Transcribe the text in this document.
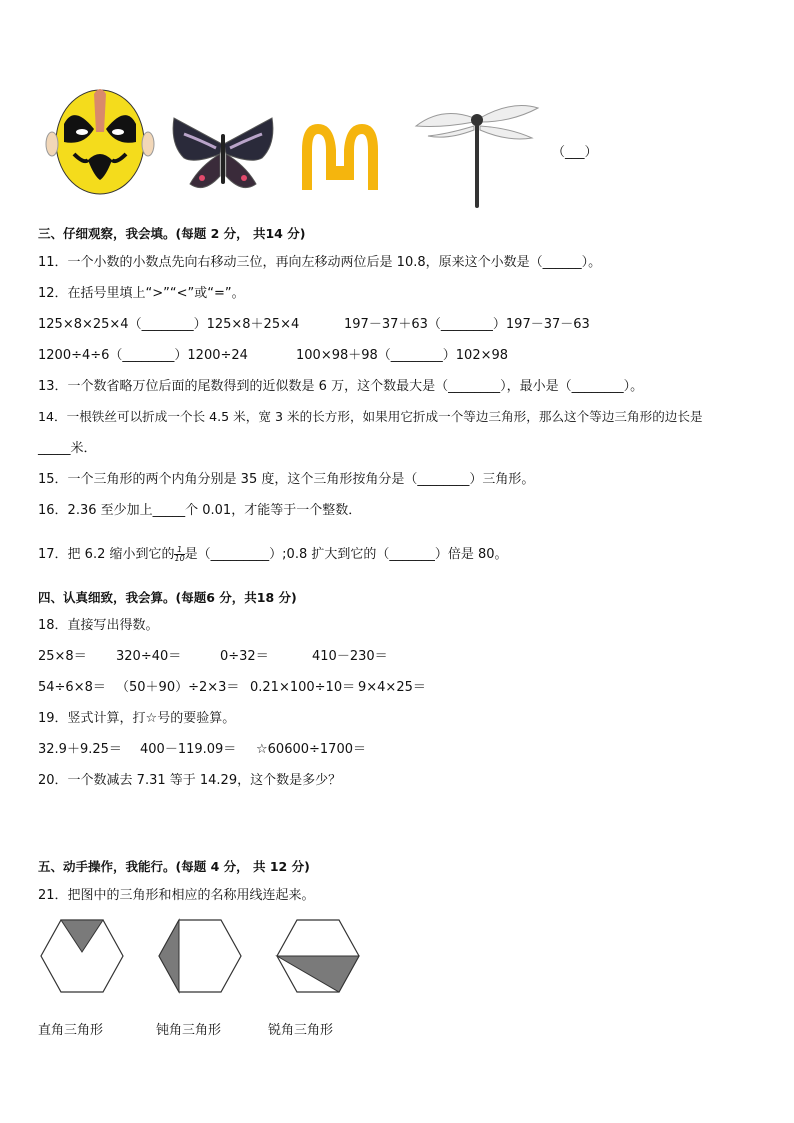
（___）
三、仔细观察，我会填。(每题 2 分， 共14 分)
11．一个小数的小数点先向右移动三位，再向左移动两位后是 10.8，原来这个小数是（______）。
12．在括号里填上“>”“<”或“=”。
125×8×25×4（________）125×8＋25×4	197－37＋63（________）197－37－63
1200÷4÷6（________）1200÷24	100×98＋98（________）102×98
13．一个数省略万位后面的尾数得到的近似数是 6 万，这个数最大是（________），最小是（________）。
14．一根铁丝可以折成一个长 4.5 米，宽 3 米的长方形，如果用它折成一个等边三角形，那么这个等边三角形的边长是
_____米．
15．一个三角形的两个内角分别是 35 度，这个三角形按角分是（________）三角形。
16．2.36 至少加上_____个 0.01，才能等于一个整数．
17．把 6.2 缩小到它的 $\frac{1}{10}$ 是（_________）;0.8 扩大到它的（_______）倍是 80。
四、认真细致，我会算。(每题6 分，共18 分)
18．直接写出得数。
25×8＝ 320÷40＝	0÷32＝	410－230＝
54÷6×8＝ （50＋90）÷2×3＝ 0.21×100÷10＝ 9×4×25＝
19．竖式计算，打☆号的要验算。
32.9＋9.25＝ 400－119.09＝ ☆60600÷1700＝
20．一个数减去 7.31 等于 14.29，这个数是多少？
五、动手操作，我能行。(每题 4 分， 共 12 分)
21．把图中的三角形和相应的名称用线连起来。
直角三角形	钝角三角形	锐角三角形
